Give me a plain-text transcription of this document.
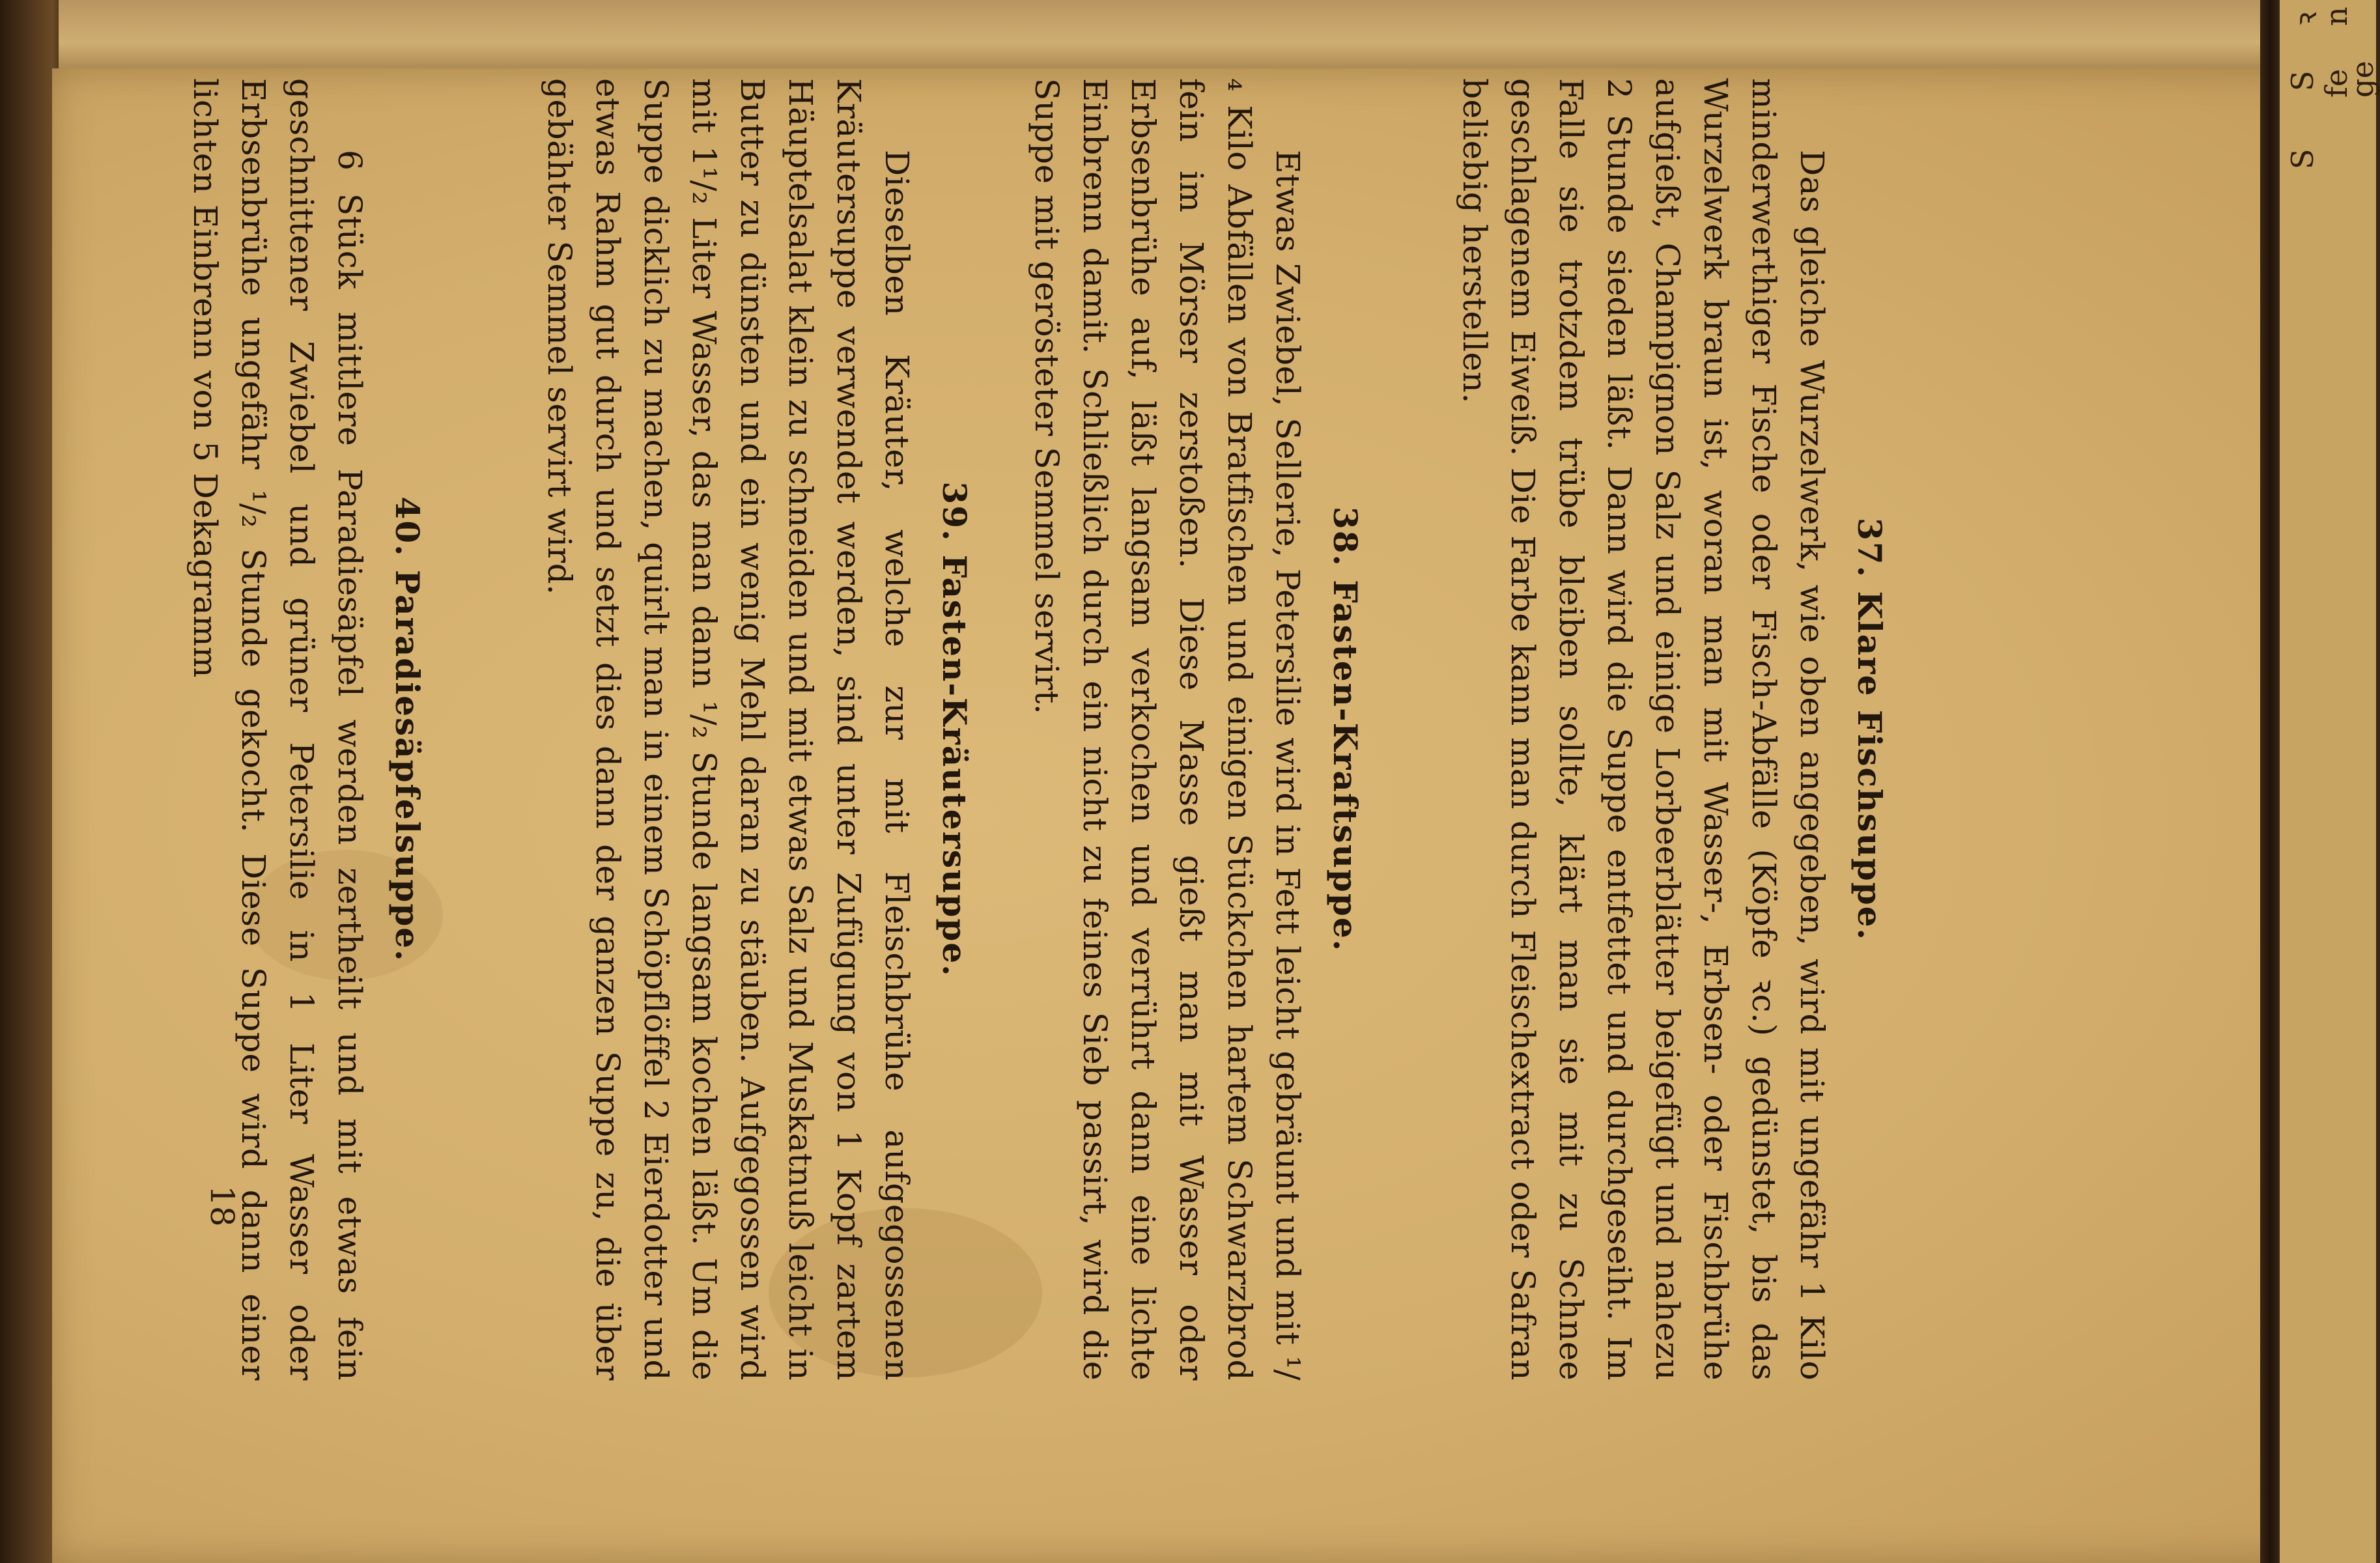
ꝛ
n
S
fe
ge
S
37. Klare Fischsuppe.

Das gleiche Wurzelwerk, wie oben angegeben, wird mit ungefähr 1 Kilo minderwerthiger Fische oder Fisch-Abfälle (Köpfe ꝛc.) gedünstet, bis das Wurzelwerk braun ist, woran man mit Wasser-, Erbsen- oder Fischbrühe aufgießt, Champignon Salz und einige Lorbeerblätter beigefügt und nahezu 2 Stunde sieden läßt. Dann wird die Suppe entfettet und durchgeseiht. Im Falle sie trotzdem trübe bleiben sollte, klärt man sie mit zu Schnee geschlagenem Eiweiß. Die Farbe kann man durch Fleischextract oder Safran beliebig herstellen.

38. Fasten-Kraftsuppe.

Etwas Zwiebel, Sellerie, Petersilie wird in Fett leicht gebräunt und mit ¹/₄ Kilo Abfällen von Bratfischen und einigen Stückchen hartem Schwarzbrod fein im Mörser zerstoßen. Diese Masse gießt man mit Wasser oder Erbsenbrühe auf, läßt langsam verkochen und verrührt dann eine lichte Einbrenn damit. Schließlich durch ein nicht zu feines Sieb passirt, wird die Suppe mit gerösteter Semmel servirt.

39. Fasten-Kräutersuppe.

Dieselben Kräuter, welche zur mit Fleischbrühe aufgegossenen Kräutersuppe verwendet werden, sind unter Zufügung von 1 Kopf zartem Häuptelsalat klein zu schneiden und mit etwas Salz und Muskatnuß leicht in Butter zu dünsten und ein wenig Mehl daran zu stäuben. Aufgegossen wird mit 1¹/₂ Liter Wasser, das man dann ¹/₂ Stunde langsam kochen läßt. Um die Suppe dicklich zu machen, quirlt man in einem Schöpflöffel 2 Eierdotter und etwas Rahm gut durch und setzt dies dann der ganzen Suppe zu, die über gebähter Semmel servirt wird.

40. Paradiesäpfelsuppe.

6 Stück mittlere Paradiesäpfel werden zertheilt und mit etwas fein geschnittener Zwiebel und grüner Petersilie in 1 Liter Wasser oder Erbsenbrühe ungefähr ¹/₂ Stunde gekocht. Diese Suppe wird dann einer lichten Einbrenn von 5 Dekagramm

18
